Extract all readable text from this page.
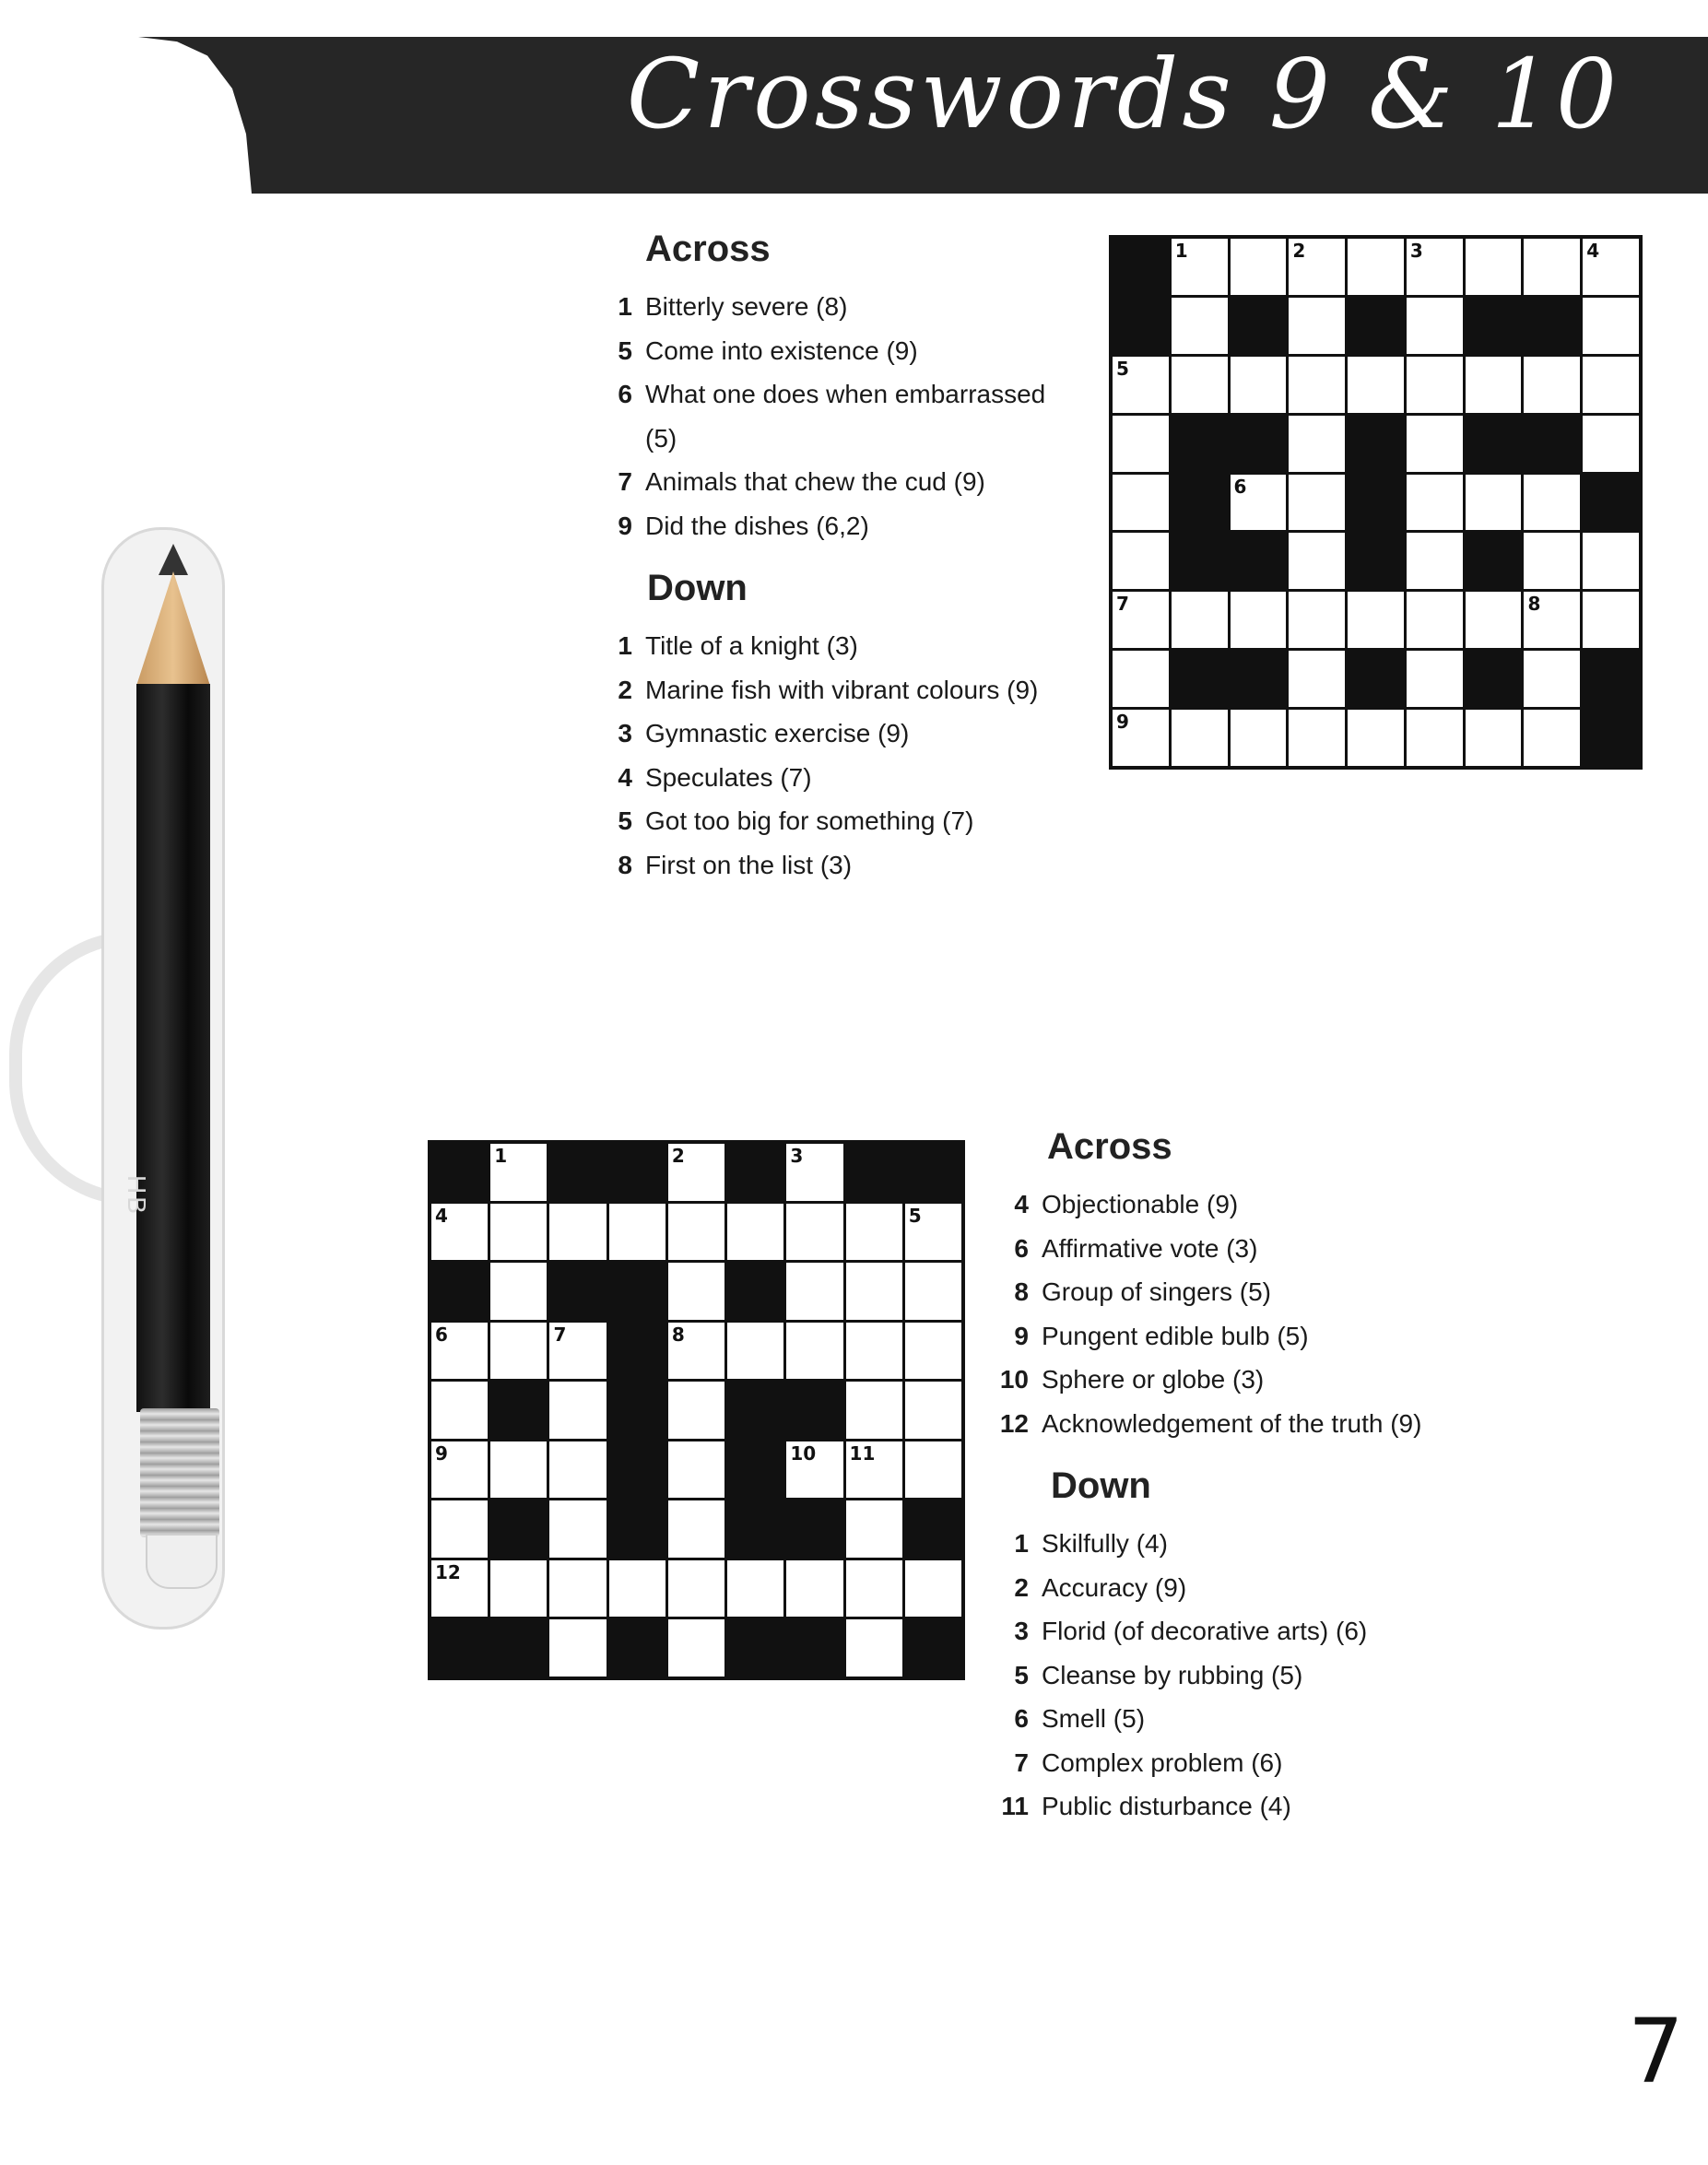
Crosswords 9 & 10
HB
Across
1 Bitterly severe (8)
5 Come into existence (9)
6 What one does when embarrassed (5)
7 Animals that chew the cud (9)
9 Did the dishes (6,2)
Down
1 Title of a knight (3)
2 Marine fish with vibrant colours (9)
3 Gymnastic exercise (9)
4 Speculates (7)
5 Got too big for something (7)
8 First on the list (3)
1	2	3	4
5
6
7	8
9
1	2	3
4	5
6	7	8
9	10 11
12
Across
4 Objectionable (9)
6 Affirmative vote (3)
8 Group of singers (5)
9 Pungent edible bulb (5)
10 Sphere or globe (3)
12 Acknowledgement of the truth (9)
Down
1 Skilfully (4)
2 Accuracy (9)
3 Florid (of decorative arts) (6)
5 Cleanse by rubbing (5)
6 Smell (5)
7 Complex problem (6)
11 Public disturbance (4)
7
